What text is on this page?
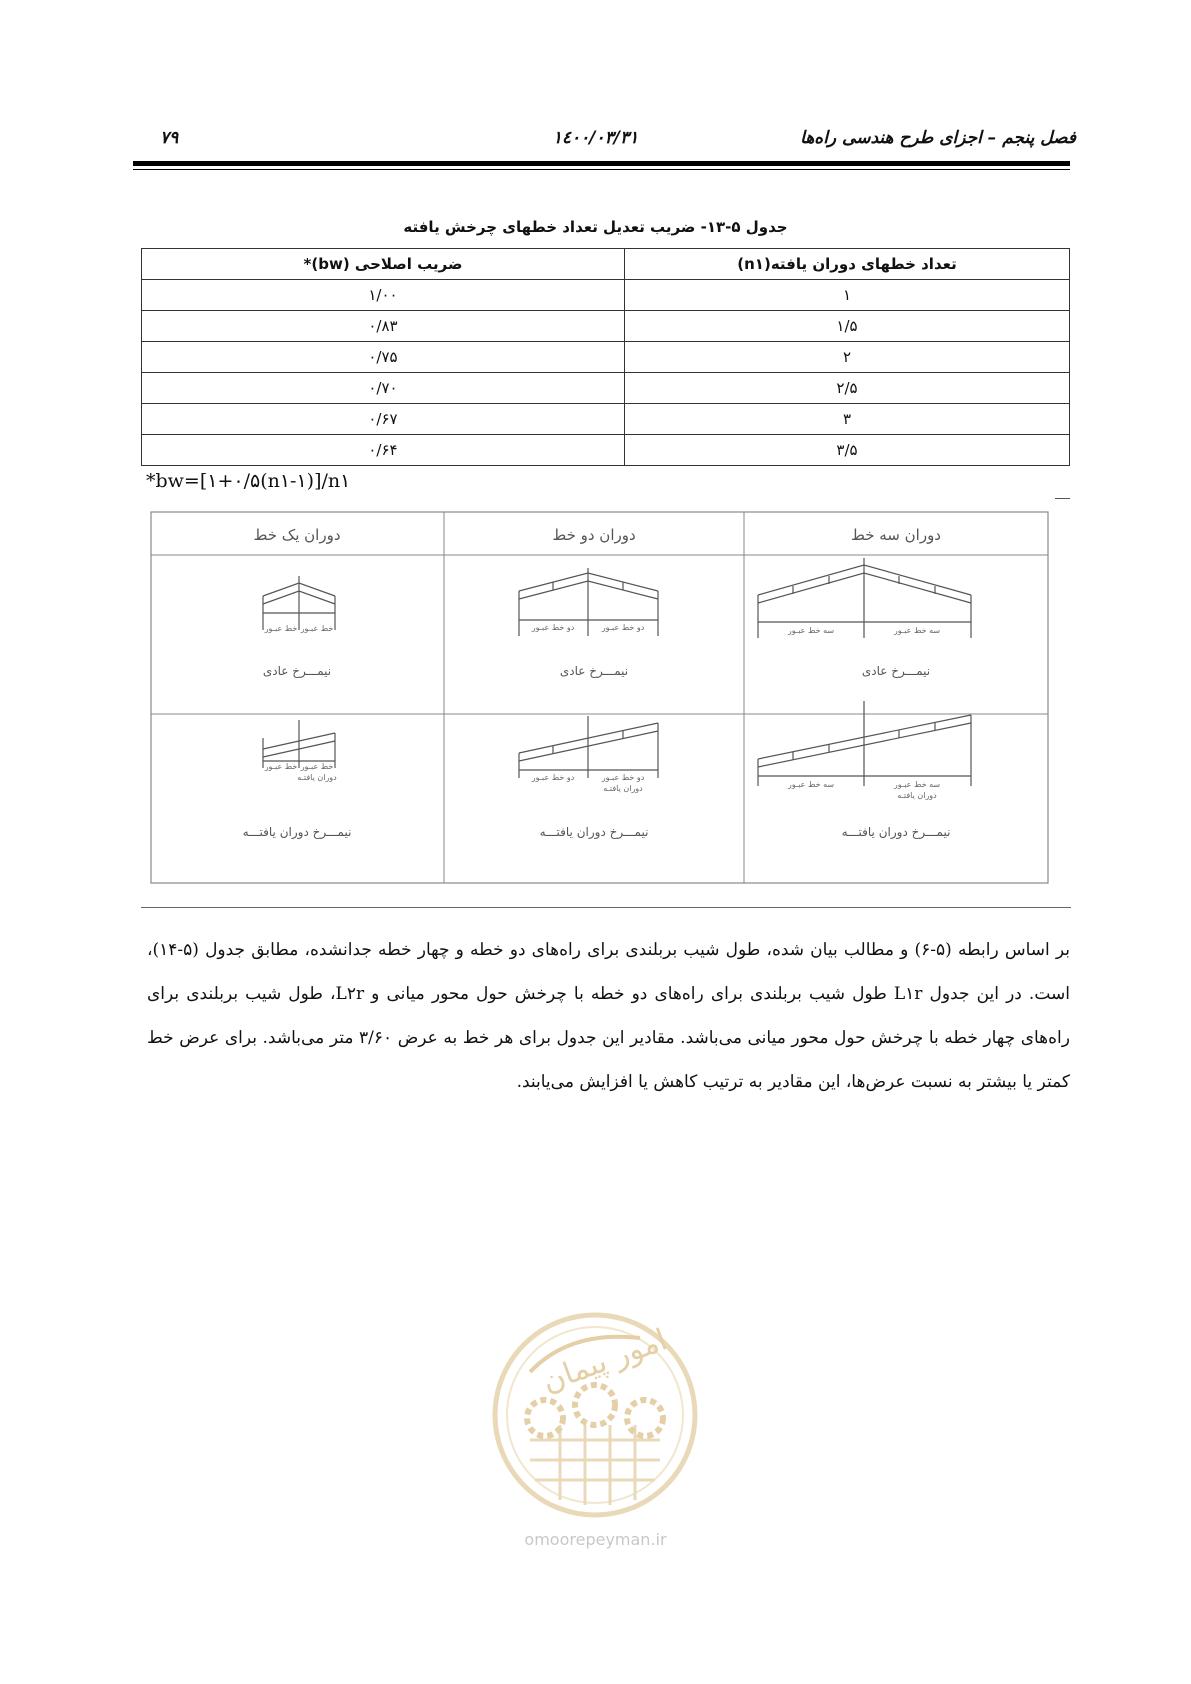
فصل پنجم – اجزای طرح هندسی راه‌ها
۱٤۰۰/۰۳/۳۱
۷۹
جدول ۵-۱۳- ضریب تعدیل تعداد خطهای چرخش یافته
تعداد خطهای دوران یافته(n۱)	ضریب اصلاحی (bw)*
۱	۱/۰۰
۱/۵	۰/۸۳
۲	۰/۷۵
۲/۵	۰/۷۰
۳	۰/۶۷
۳/۵	۰/۶۴
*bw=[۱+۰/۵(n۱-۱)]/n۱
دوران سه خط
دوران دو خط
دوران یک خط
خط عبـور خط عبـور
نیمـــرخ عادی
دو خط عبـور	دو خط عبـور
نیمـــرخ عادی
سه خط عبـور	سه خط عبـور
نیمـــرخ عادی
خط عبـور خط عبـور
دوران یافتـه
نیمـــرخ دوران یافتـــه
دو خط عبـور	دو خط عبـور
دوران یافتـه
نیمـــرخ دوران یافتـــه
سه خط عبـور	سه خط عبـور
دوران یافتـه
نیمـــرخ دوران یافتـــه

بر اساس رابطه (۵-۶) و مطالب بیان شده، طول شیب بربلندی برای راه‌های دو خطه و چهار خطه جدانشده، مطابق جدول (۵-۱۴)، است. در این جدول L۱r طول شیب بربلندی برای راه‌های دو خطه با چرخش حول محور میانی و L۲r، طول شیب بربلندی برای راه‌های چهار خطه با چرخش حول محور میانی می‌باشد. مقادیر این جدول برای هر خط به عرض ۳/۶۰ متر می‌باشد. برای عرض خط کمتر یا بیشتر به نسبت عرض‌ها، این مقادیر به ترتیب کاهش یا افزایش می‌یابند.

امور پیمان
omoorepeyman.ir
